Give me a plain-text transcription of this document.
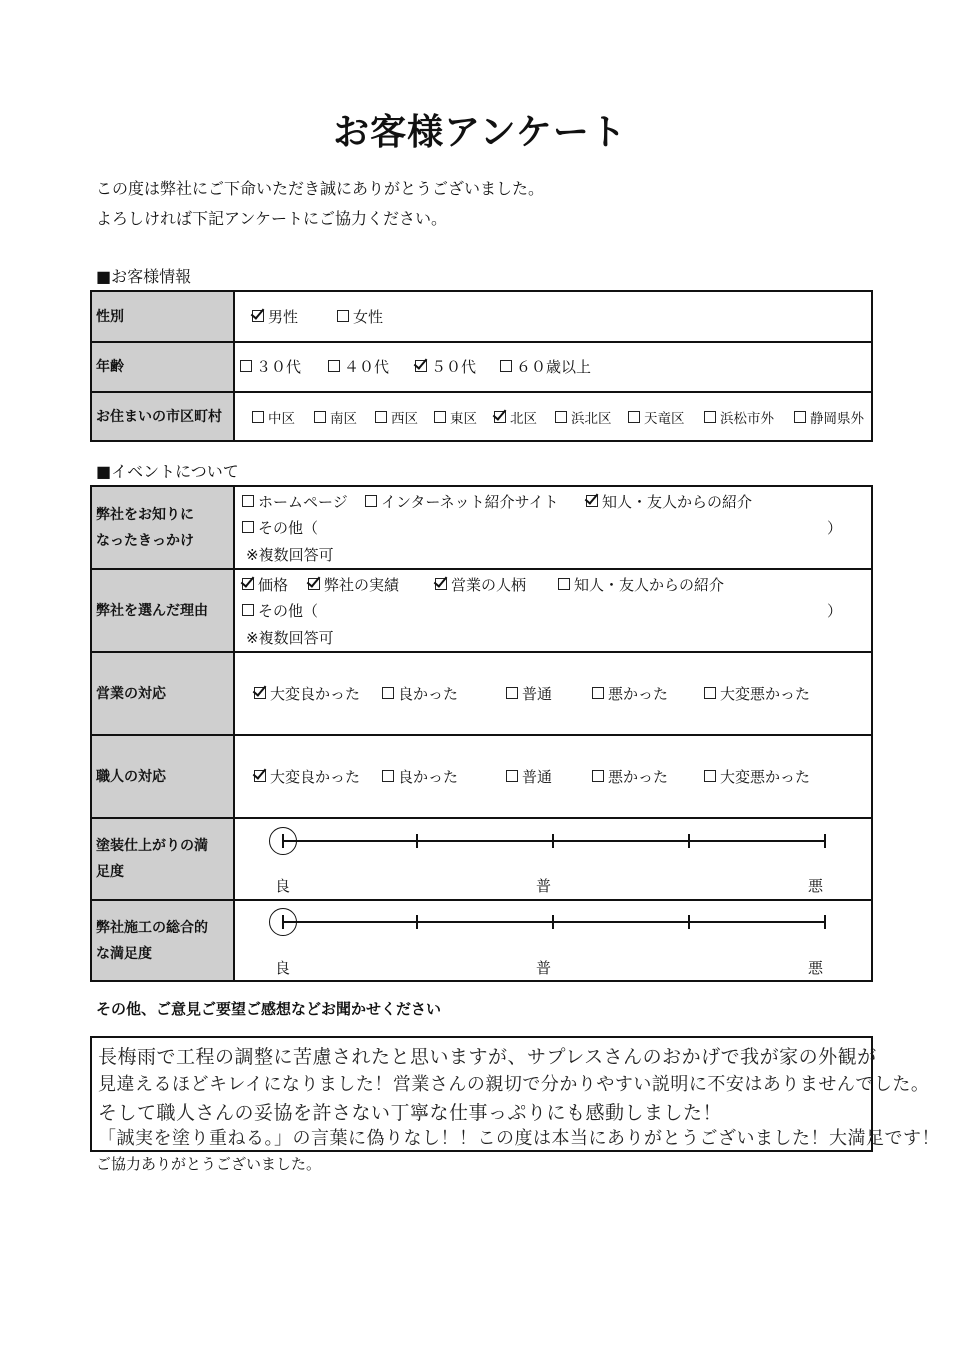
お客様アンケート
この度は弊社にご下命いただき誠にありがとうございました。
よろしければ下記アンケートにご協力ください。
■お客様情報
性別	男性	女性
年齢	３０代	４０代	５０代	６０歳以上
お住まいの市区町村	中区	南区	西区	東区	北区	浜北区	天竜区	浜松市外	静岡県外
■イベントについて
弊社をお知りに
なったきっかけ
ホームページ	インターネット紹介サイト	知人・友人からの紹介
その他（	）
※複数回答可
弊社を選んだ理由
価格	弊社の実績	営業の人柄	知人・友人からの紹介
その他（	）
※複数回答可
営業の対応	大変良かった	良かった	普通	悪かった	大変悪かった
職人の対応	大変良かった	良かった	普通	悪かった	大変悪かった
塗装仕上がりの満
足度
良	普	悪
弊社施工の総合的
な満足度
良	普	悪
その他、ご意見ご要望ご感想などお聞かせください
長梅雨で工程の調整に苦慮されたと思いますが、サプレスさんのおかげで我が家の外観が
見違えるほどキレイになりました！営業さんの親切で分かりやすい説明に不安はありませんでした。
そして職人さんの妥協を許さない丁寧な仕事っぷりにも感動しました！
「誠実を塗り重ねる。」の言葉に偽りなし！！この度は本当にありがとうございました！大満足です！
ご協力ありがとうございました。
